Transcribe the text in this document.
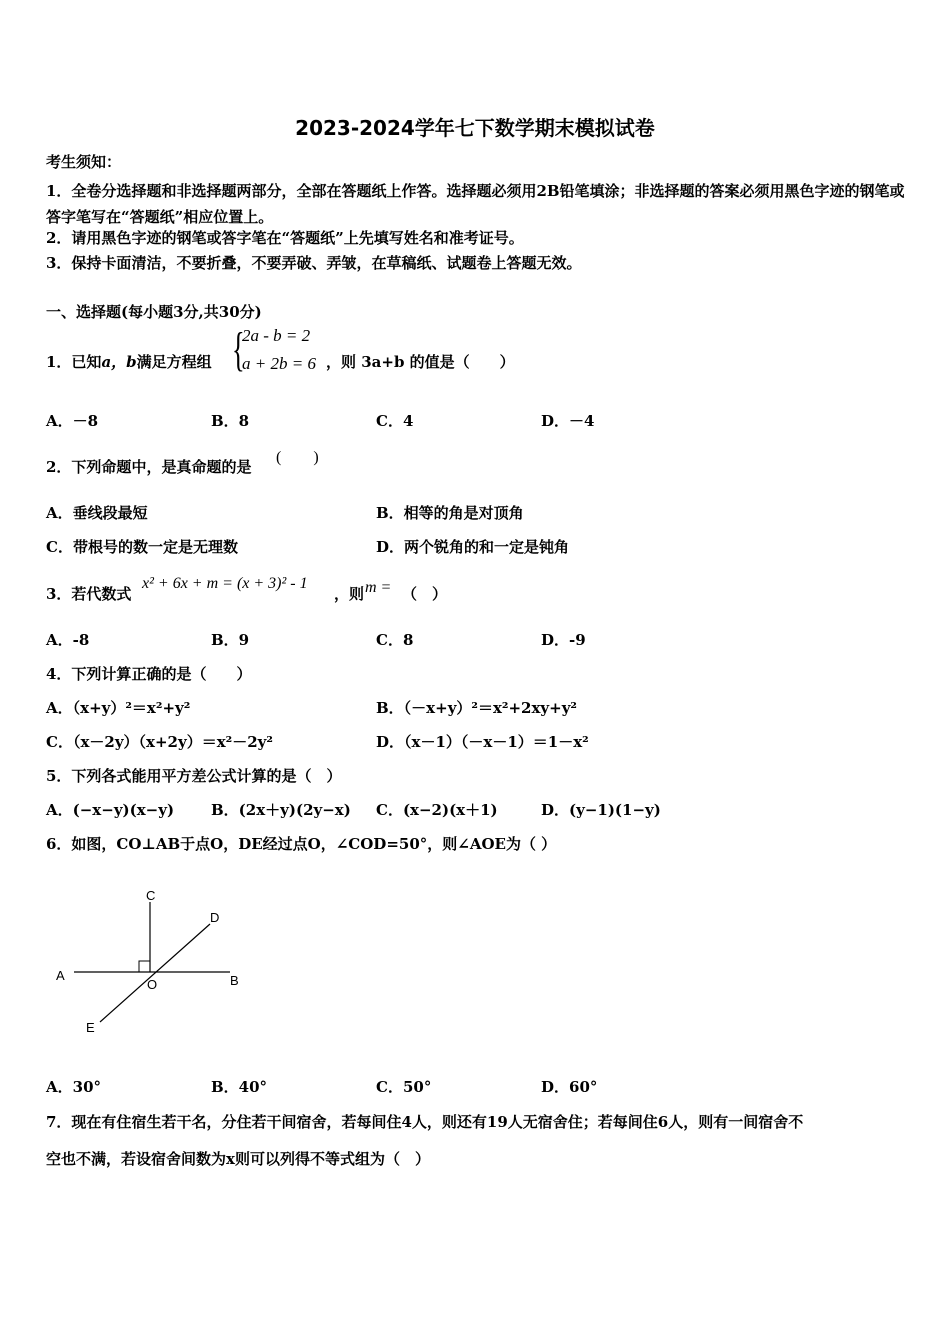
2023-2024学年七下数学期末模拟试卷
考生须知：
1．全卷分选择题和非选择题两部分，全部在答题纸上作答。选择题必须用2B铅笔填涂；非选择题的答案必须用黑色字迹的钢笔或答字笔写在“答题纸”相应位置上。
2．请用黑色字迹的钢笔或答字笔在“答题纸”上先填写姓名和准考证号。
3．保持卡面清洁，不要折叠，不要弄破、弄皱，在草稿纸、试题卷上答题无效。
一、选择题(每小题3分,共30分)
1．已知a，b满足方程组 {
2a - b = 2
a + 2b = 6 ，则 3a+b 的值是（　　）
A．－8	B．8	C．4	D．－4
2．下列命题中，是真命题的是
(　　)
A．垂线段最短	B．相等的角是对顶角
C．带根号的数一定是无理数	D．两个锐角的和一定是钝角
3．若代数式
x² + 6x + m = (x + 3)² - 1
，则 m = （　）
A．-8	B．9	C．8	D．-9
4．下列计算正确的是（　　）
A．（x+y）²＝x²+y²	B．（－x+y）²＝x²+2xy+y²
C．（x－2y）（x+2y）＝x²－2y²	D．（x－1）（－x－1）＝1－x²
5．下列各式能用平方差公式计算的是（　）
A．(−x−y)(x−y) B．(2x＋y)(2y−x) C．(x−2)(x＋1)	D．(y−1)(1−y)
6．如图，CO⊥AB于点O，DE经过点O，∠COD=50°，则∠AOE为（ ）
C
D
A	B
O
E
A．30°	B．40°	C．50°	D．60°
7．现在有住宿生若干名，分住若干间宿舍，若每间住4人，则还有19人无宿舍住；若每间住6人，则有一间宿舍不
空也不满，若设宿舍间数为x则可以列得不等式组为（　）
